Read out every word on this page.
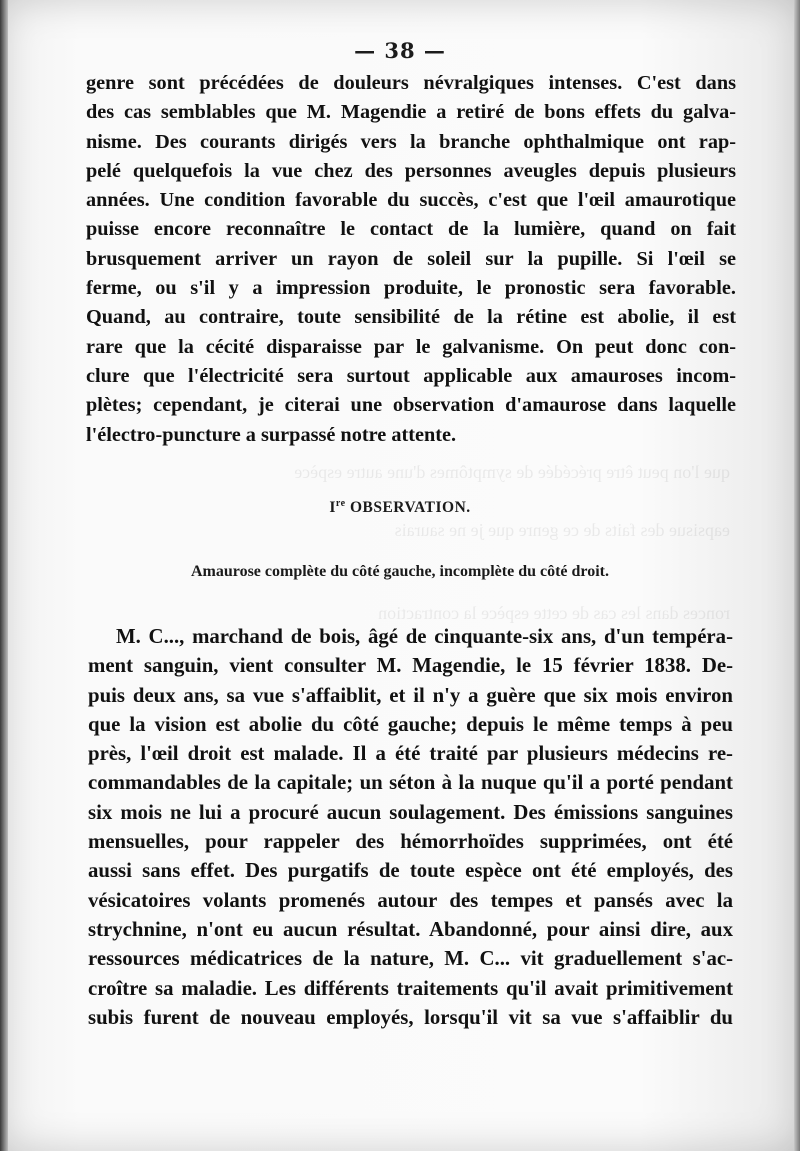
— 38 —
genre sont précédées de douleurs névralgiques intenses. C'est dans
des cas semblables que M. Magendie a retiré de bons effets du galva-
nisme. Des courants dirigés vers la branche ophthalmique ont rap-
pelé quelquefois la vue chez des personnes aveugles depuis plusieurs
années. Une condition favorable du succès, c'est que l'œil amaurotique
puisse encore reconnaître le contact de la lumière, quand on fait
brusquement arriver un rayon de soleil sur la pupille. Si l'œil se
ferme, ou s'il y a impression produite, le pronostic sera favorable.
Quand, au contraire, toute sensibilité de la rétine est abolie, il est
rare que la cécité disparaisse par le galvanisme. On peut donc con-
clure que l'électricité sera surtout applicable aux amauroses incom-
plètes; cependant, je citerai une observation d'amaurose dans laquelle
l'électro-puncture a surpassé notre attente.
que l'on peut être précédée de symptômes d'une autre espèce
eapsisue des faits de ce genre que je ne saurais
ronces dans les cas de cette espèce la contraction
Ire OBSERVATION.
Amaurose complète du côté gauche, incomplète du côté droit.
M. C..., marchand de bois, âgé de cinquante-six ans, d'un tempéra-
ment sanguin, vient consulter M. Magendie, le 15 février 1838. De-
puis deux ans, sa vue s'affaiblit, et il n'y a guère que six mois environ
que la vision est abolie du côté gauche; depuis le même temps à peu
près, l'œil droit est malade. Il a été traité par plusieurs médecins re-
commandables de la capitale; un séton à la nuque qu'il a porté pendant
six mois ne lui a procuré aucun soulagement. Des émissions sanguines
mensuelles, pour rappeler des hémorrhoïdes supprimées, ont été
aussi sans effet. Des purgatifs de toute espèce ont été employés, des
vésicatoires volants promenés autour des tempes et pansés avec la
strychnine, n'ont eu aucun résultat. Abandonné, pour ainsi dire, aux
ressources médicatrices de la nature, M. C... vit graduellement s'ac-
croître sa maladie. Les différents traitements qu'il avait primitivement
subis furent de nouveau employés, lorsqu'il vit sa vue s'affaiblir du
